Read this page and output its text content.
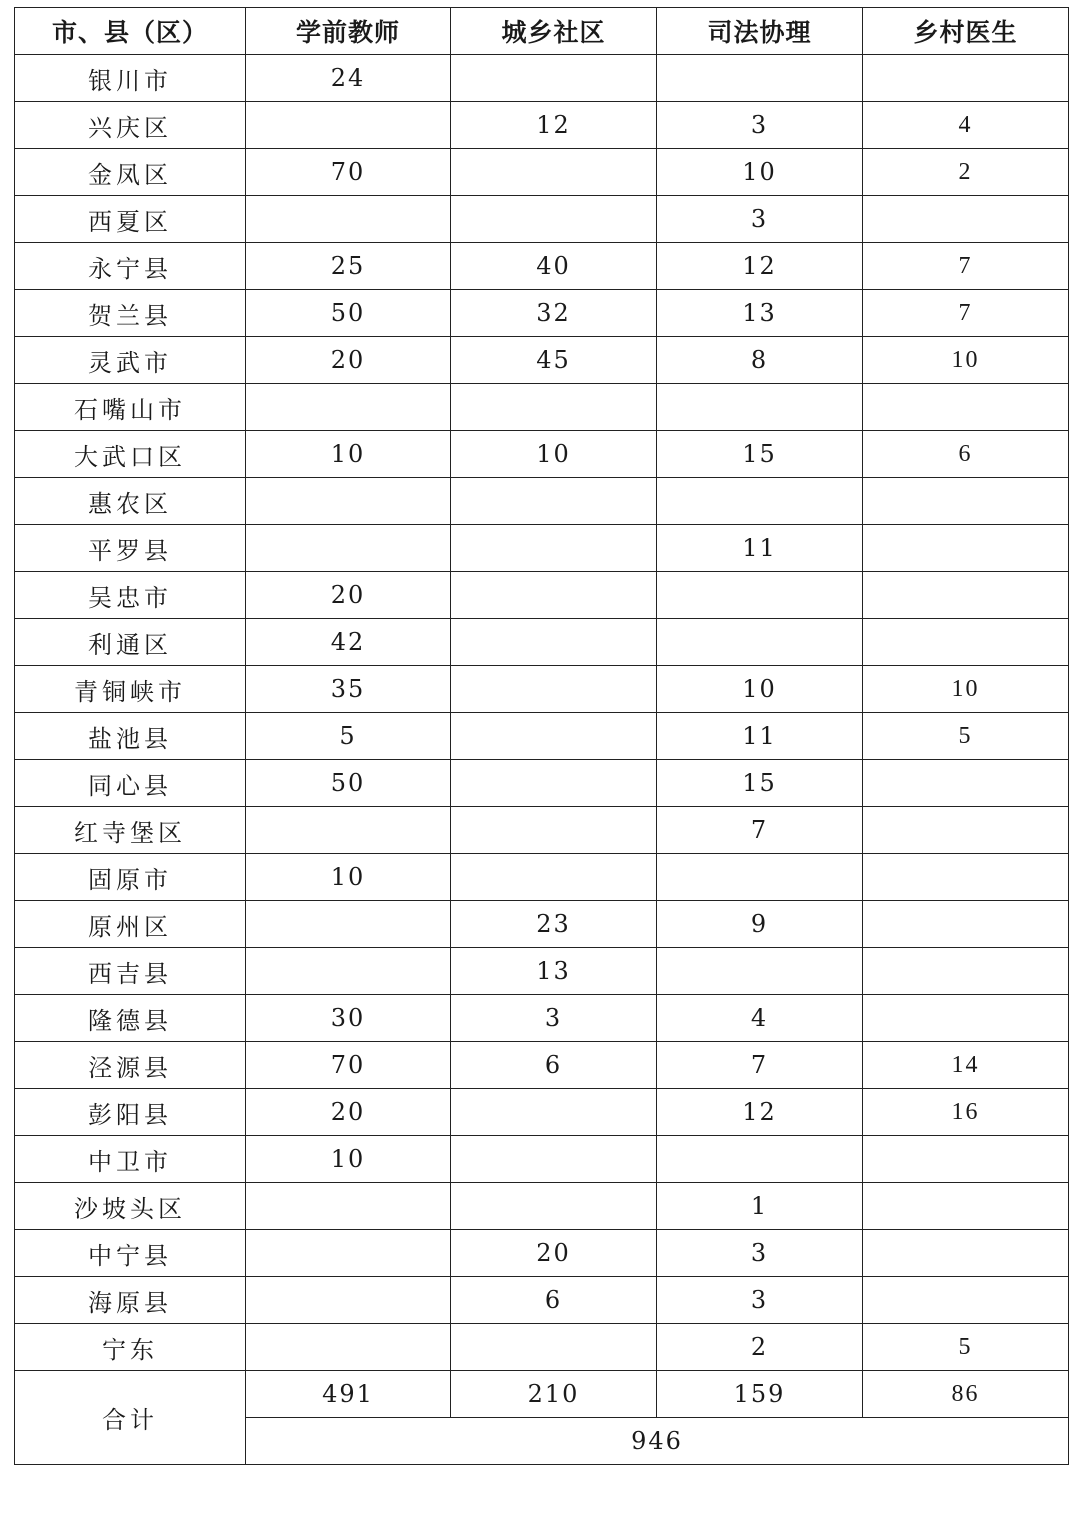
市、县（区）	学前教师	城乡社区	司法协理	乡村医生
银川市	24			
兴庆区		12	3	4
金凤区	70		10	2
西夏区			3	
永宁县	25	40	12	7
贺兰县	50	32	13	7
灵武市	20	45	8	10
石嘴山市				
大武口区	10	10	15	6
惠农区				
平罗县			11	
吴忠市	20			
利通区	42			
青铜峡市	35		10	10
盐池县	5		11	5
同心县	50		15	
红寺堡区			7	
固原市	10			
原州区		23	9	
西吉县		13		
隆德县	30	3	4	
泾源县	70	6	7	14
彭阳县	20		12	16
中卫市	10			
沙坡头区			1	
中宁县		20	3	
海原县		6	3	
宁东			2	5
合计	491	210	159	86
	946			
